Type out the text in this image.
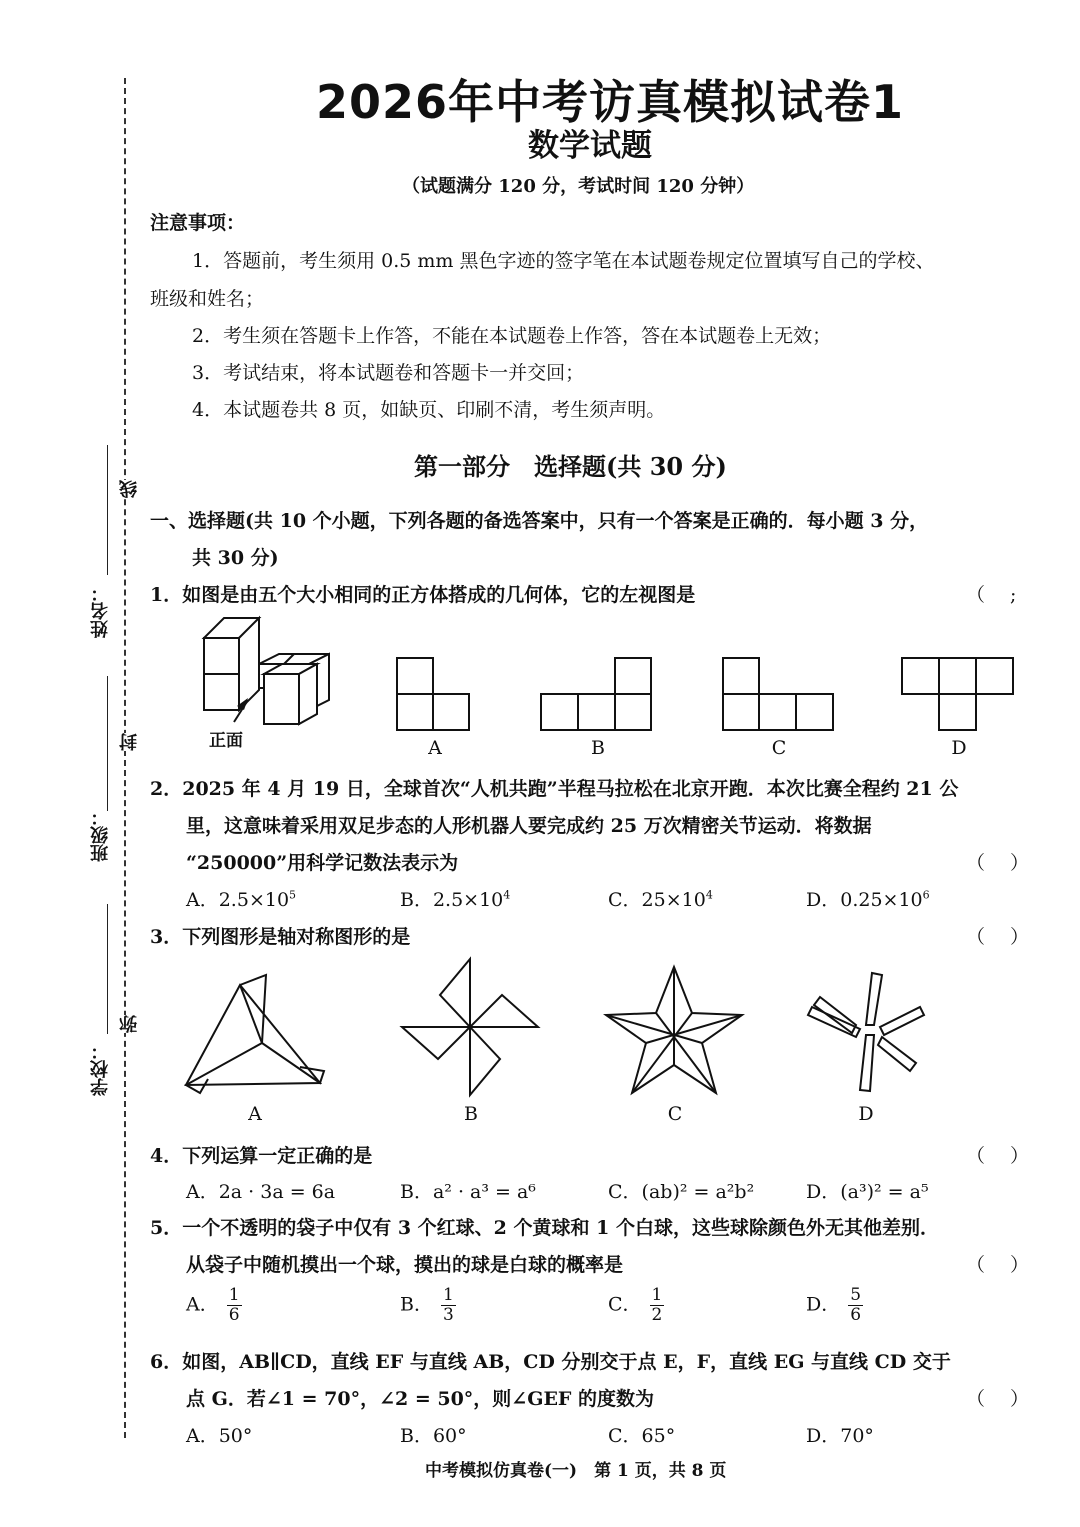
线
封
弥
姓名：
班级：
学校：
2026年中考访真模拟试卷1
数学试题
（试题满分 120 分，考试时间 120 分钟）
注意事项：
1．答题前，考生须用 0.5 mm 黑色字迹的签字笔在本试题卷规定位置填写自己的学校、
班级和姓名；
2．考生须在答题卡上作答，不能在本试题卷上作答，答在本试题卷上无效；
3．考试结束，将本试题卷和答题卡一并交回；
4．本试题卷共 8 页，如缺页、印刷不清，考生须声明。
第一部分　选择题(共 30 分)
一、选择题(共 10 个小题，下列各题的备选答案中，只有一个答案是正确的．每小题 3 分，
共 30 分)
1．如图是由五个大小相同的正方体搭成的几何体，它的左视图是	（　 ;
正面	A	B	C	D
2．2025 年 4 月 19 日，全球首次“人机共跑”半程马拉松在北京开跑．本次比赛全程约 21 公
里，这意味着采用双足步态的人形机器人要完成约 25 万次精密关节运动．将数据
“250000”用科学记数法表示为	（　 ）
A．$2.5\times 10^5$	B．$2.5\times 10^4$	C．$25\times 10^4$	D．$0.25\times 10^6$
3．下列图形是轴对称图形的是	（　 ）
A	B	C	D
4．下列运算一定正确的是	（　 ）
A．2a · 3a = 6a	B．a² · a³ = a⁶	C．(ab)² = a²b²	D．(a³)² = a⁵
5．一个不透明的袋子中仅有 3 个红球、2 个黄球和 1 个白球，这些球除颜色外无其他差别．
从袋子中随机摸出一个球，摸出的球是白球的概率是	（　 ）
A． $\frac{1}{6}$	B． $\frac{1}{3}$	C． $\frac{1}{2}$	D． $\frac{5}{6}$
6．如图，AB∥CD，直线 EF 与直线 AB，CD 分别交于点 E，F，直线 EG 与直线 CD 交于
点 G．若∠1 = 70°，∠2 = 50°，则∠GEF 的度数为	（　 ）
A．50°	B．60°	C．65°	D．70°
中考模拟仿真卷(一)　第 1 页，共 8 页
